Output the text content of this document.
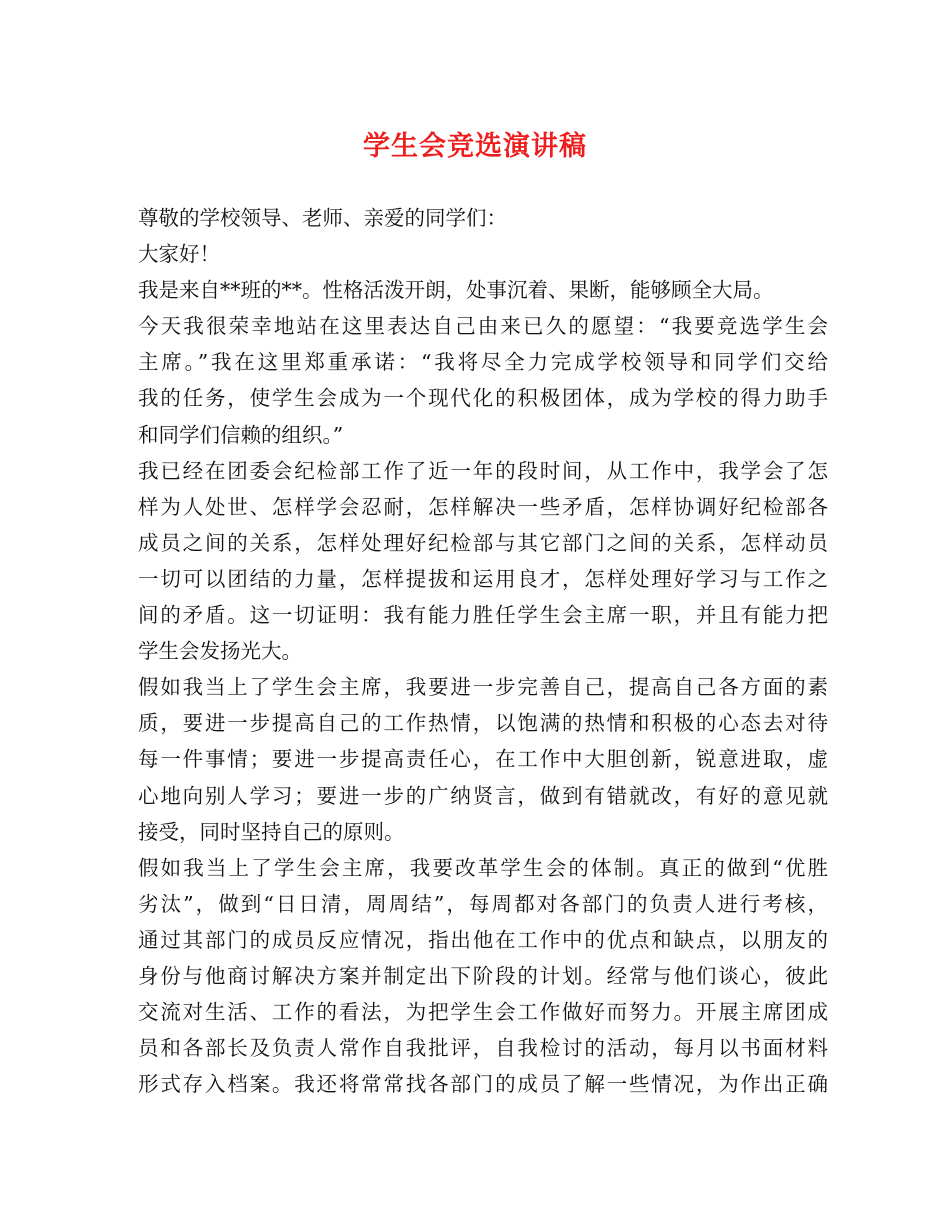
学生会竞选演讲稿
尊敬的学校领导、老师、亲爱的同学们：
大家好！
我是来自**班的**。性格活泼开朗，处事沉着、果断，能够顾全大局。
今天我很荣幸地站在这里表达自己由来已久的愿望：“我要竞选学生会
主席。”我在这里郑重承诺：“我将尽全力完成学校领导和同学们交给
我的任务，使学生会成为一个现代化的积极团体，成为学校的得力助手
和同学们信赖的组织。”
我已经在团委会纪检部工作了近一年的段时间，从工作中，我学会了怎
样为人处世、怎样学会忍耐，怎样解决一些矛盾，怎样协调好纪检部各
成员之间的关系，怎样处理好纪检部与其它部门之间的关系，怎样动员
一切可以团结的力量，怎样提拔和运用良才，怎样处理好学习与工作之
间的矛盾。这一切证明：我有能力胜任学生会主席一职，并且有能力把
学生会发扬光大。
假如我当上了学生会主席，我要进一步完善自己，提高自己各方面的素
质，要进一步提高自己的工作热情，以饱满的热情和积极的心态去对待
每一件事情；要进一步提高责任心，在工作中大胆创新，锐意进取，虚
心地向别人学习；要进一步的广纳贤言，做到有错就改，有好的意见就
接受，同时坚持自己的原则。
假如我当上了学生会主席，我要改革学生会的体制。真正的做到“优胜
劣汰”，做到“日日清，周周结”，每周都对各部门的负责人进行考核，
通过其部门的成员反应情况，指出他在工作中的优点和缺点，以朋友的
身份与他商讨解决方案并制定出下阶段的计划。经常与他们谈心，彼此
交流对生活、工作的看法，为把学生会工作做好而努力。开展主席团成
员和各部长及负责人常作自我批评，自我检讨的活动，每月以书面材料
形式存入档案。我还将常常找各部门的成员了解一些情况，为作出正确
